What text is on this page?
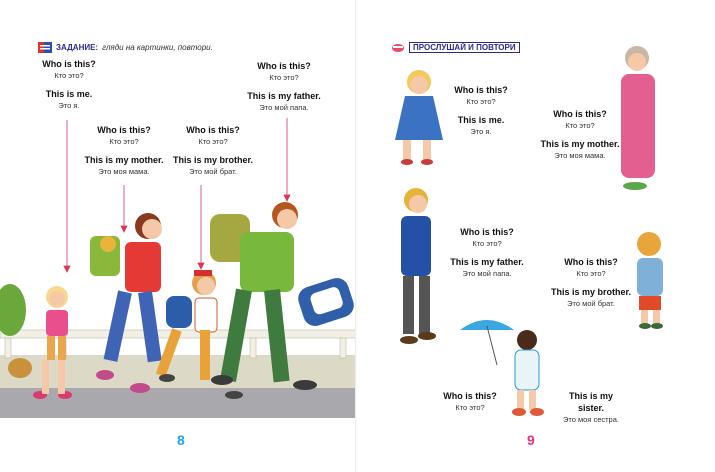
ЗАДАНИЕ: гляди на картинки, повтори.
Who is this?
Кто это?
This is me.
Это я.
Who is this?
Кто это?
This is my mother.
Это моя мама.
Who is this?
Кто это?
This is my brother.
Это мой брат.
Who is this?
Кто это?
This is my father.
Это мой папа.
8
ПРОСЛУШАЙ И ПОВТОРИ
Who is this?
Кто это?
This is me.
Это я.
Who is this?
Кто это?
This is my mother.
Это моя мама.
Who is this?
Кто это?
This is my father.
Это мой папа.
Who is this?
Кто это?
This is my brother.
Это мой брат.
Who is this?
Кто это?
This is my sister.
Это моя сестра.
9
